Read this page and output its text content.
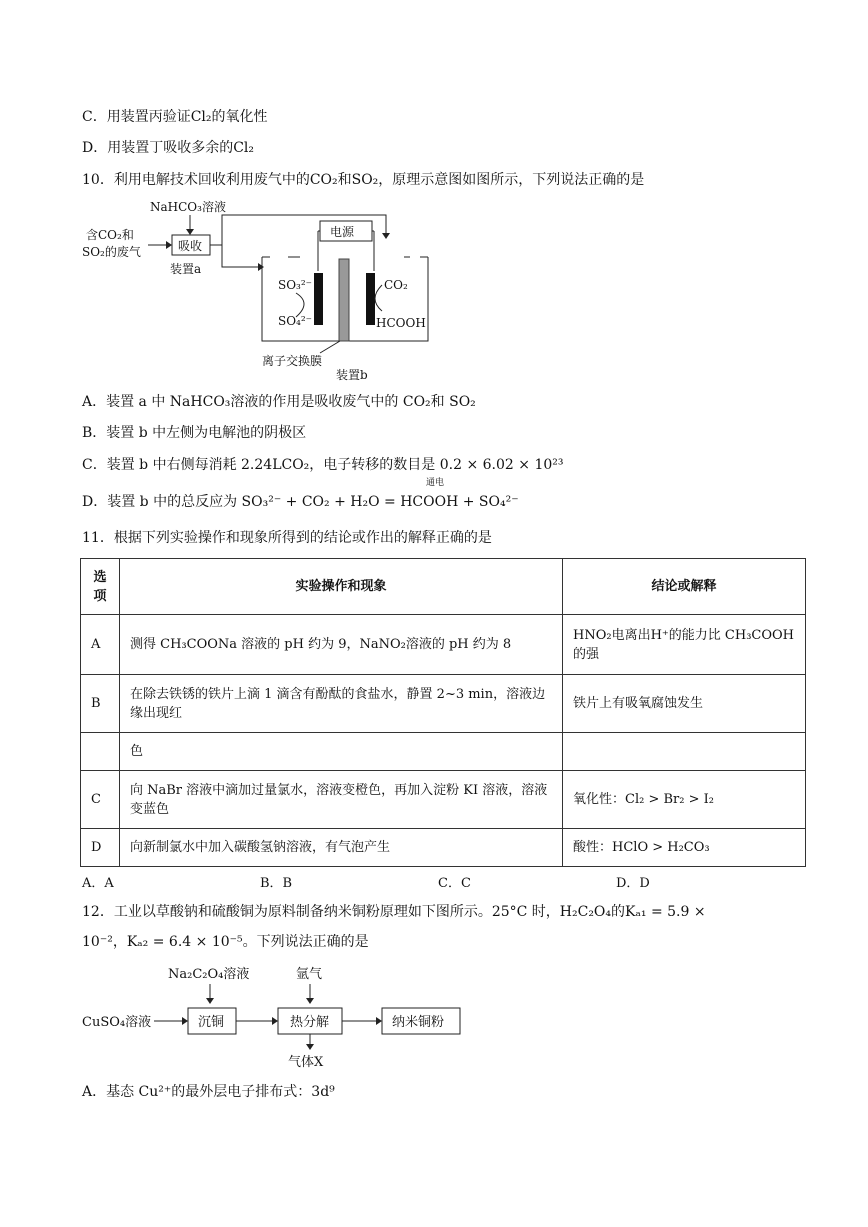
C．用装置丙验证Cl₂的氧化性
D．用装置丁吸收多余的Cl₂
10．利用电解技术回收利用废气中的CO₂和SO₂，原理示意图如图所示，下列说法正确的是
NaHCO₃溶液
含CO₂和
SO₂的废气	吸收
装置a
电源
SO₃²⁻
SO₄²⁻
CO₂
HCOOH
离子交换膜
装置b
A．装置 a 中 NaHCO₃溶液的作用是吸收废气中的 CO₂和 SO₂
B．装置 b 中左侧为电解池的阴极区
C．装置 b 中右侧每消耗 2.24LCO₂，电子转移的数目是 0.2 × 6.02 × 10²³
通电
D．装置 b 中的总反应为 SO₃²⁻ + CO₂ + H₂O = HCOOH + SO₄²⁻
11．根据下列实验操作和现象所得到的结论或作出的解释正确的是
选项	实验操作和现象	结论或解释
A	测得 CH₃COONa 溶液的 pH 约为 9，NaNO₂溶液的 pH 约为 8	HNO₂电离出H⁺的能力比 CH₃COOH 的强
B	在除去铁锈的铁片上滴 1 滴含有酚酞的食盐水，静置 2~3 min，溶液边缘出现红	铁片上有吸氧腐蚀发生
	色	
C	向 NaBr 溶液中滴加过量氯水，溶液变橙色，再加入淀粉 KI 溶液，溶液变蓝色	氧化性：Cl₂ > Br₂ > I₂
D	向新制氯水中加入碳酸氢钠溶液，有气泡产生	酸性：HClO > H₂CO₃
A．A	B．B	C．C	D．D
12．工业以草酸钠和硫酸铜为原料制备纳米铜粉原理如下图所示。25°C 时，H₂C₂O₄的Kₐ₁ = 5.9 ×
10⁻²，Kₐ₂ = 6.4 × 10⁻⁵。下列说法正确的是
Na₂C₂O₄溶液	氩气
CuSO₄溶液	沉铜	热分解	纳米铜粉
气体X
A．基态 Cu²⁺的最外层电子排布式：3d⁹
